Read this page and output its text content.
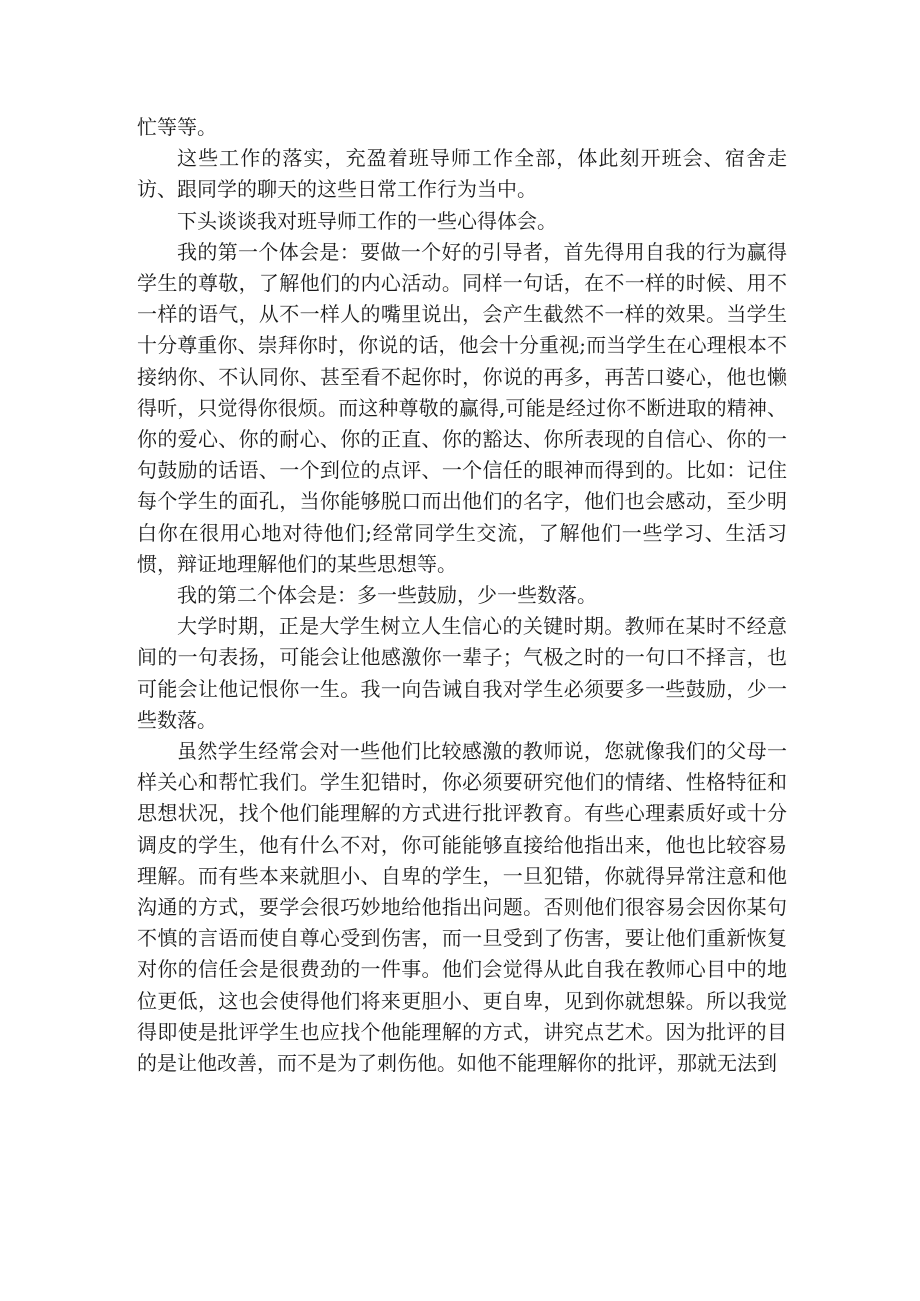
忙等等。

这些工作的落实，充盈着班导师工作全部，体此刻开班会、宿舍走访、跟同学的聊天的这些日常工作行为当中。

下头谈谈我对班导师工作的一些心得体会。

我的第一个体会是：要做一个好的引导者，首先得用自我的行为赢得学生的尊敬，了解他们的内心活动。同样一句话，在不一样的时候、用不一样的语气，从不一样人的嘴里说出，会产生截然不一样的效果。当学生十分尊重你、崇拜你时，你说的话，他会十分重视;而当学生在心理根本不接纳你、不认同你、甚至看不起你时，你说的再多，再苦口婆心，他也懒得听，只觉得你很烦。而这种尊敬的赢得,可能是经过你不断进取的精神、你的爱心、你的耐心、你的正直、你的豁达、你所表现的自信心、你的一句鼓励的话语、一个到位的点评、一个信任的眼神而得到的。比如：记住每个学生的面孔，当你能够脱口而出他们的名字，他们也会感动，至少明白你在很用心地对待他们;经常同学生交流，了解他们一些学习、生活习惯，辩证地理解他们的某些思想等。

我的第二个体会是：多一些鼓励，少一些数落。

大学时期，正是大学生树立人生信心的关键时期。教师在某时不经意间的一句表扬，可能会让他感激你一辈子；气极之时的一句口不择言，也可能会让他记恨你一生。我一向告诫自我对学生必须要多一些鼓励，少一些数落。

虽然学生经常会对一些他们比较感激的教师说，您就像我们的父母一样关心和帮忙我们。学生犯错时，你必须要研究他们的情绪、性格特征和思想状况，找个他们能理解的方式进行批评教育。有些心理素质好或十分调皮的学生，他有什么不对，你可能能够直接给他指出来，他也比较容易理解。而有些本来就胆小、自卑的学生，一旦犯错，你就得异常注意和他沟通的方式，要学会很巧妙地给他指出问题。否则他们很容易会因你某句不慎的言语而使自尊心受到伤害，而一旦受到了伤害，要让他们重新恢复对你的信任会是很费劲的一件事。他们会觉得从此自我在教师心目中的地位更低，这也会使得他们将来更胆小、更自卑，见到你就想躲。所以我觉得即使是批评学生也应找个他能理解的方式，讲究点艺术。因为批评的目的是让他改善，而不是为了刺伤他。如他不能理解你的批评，那就无法到
